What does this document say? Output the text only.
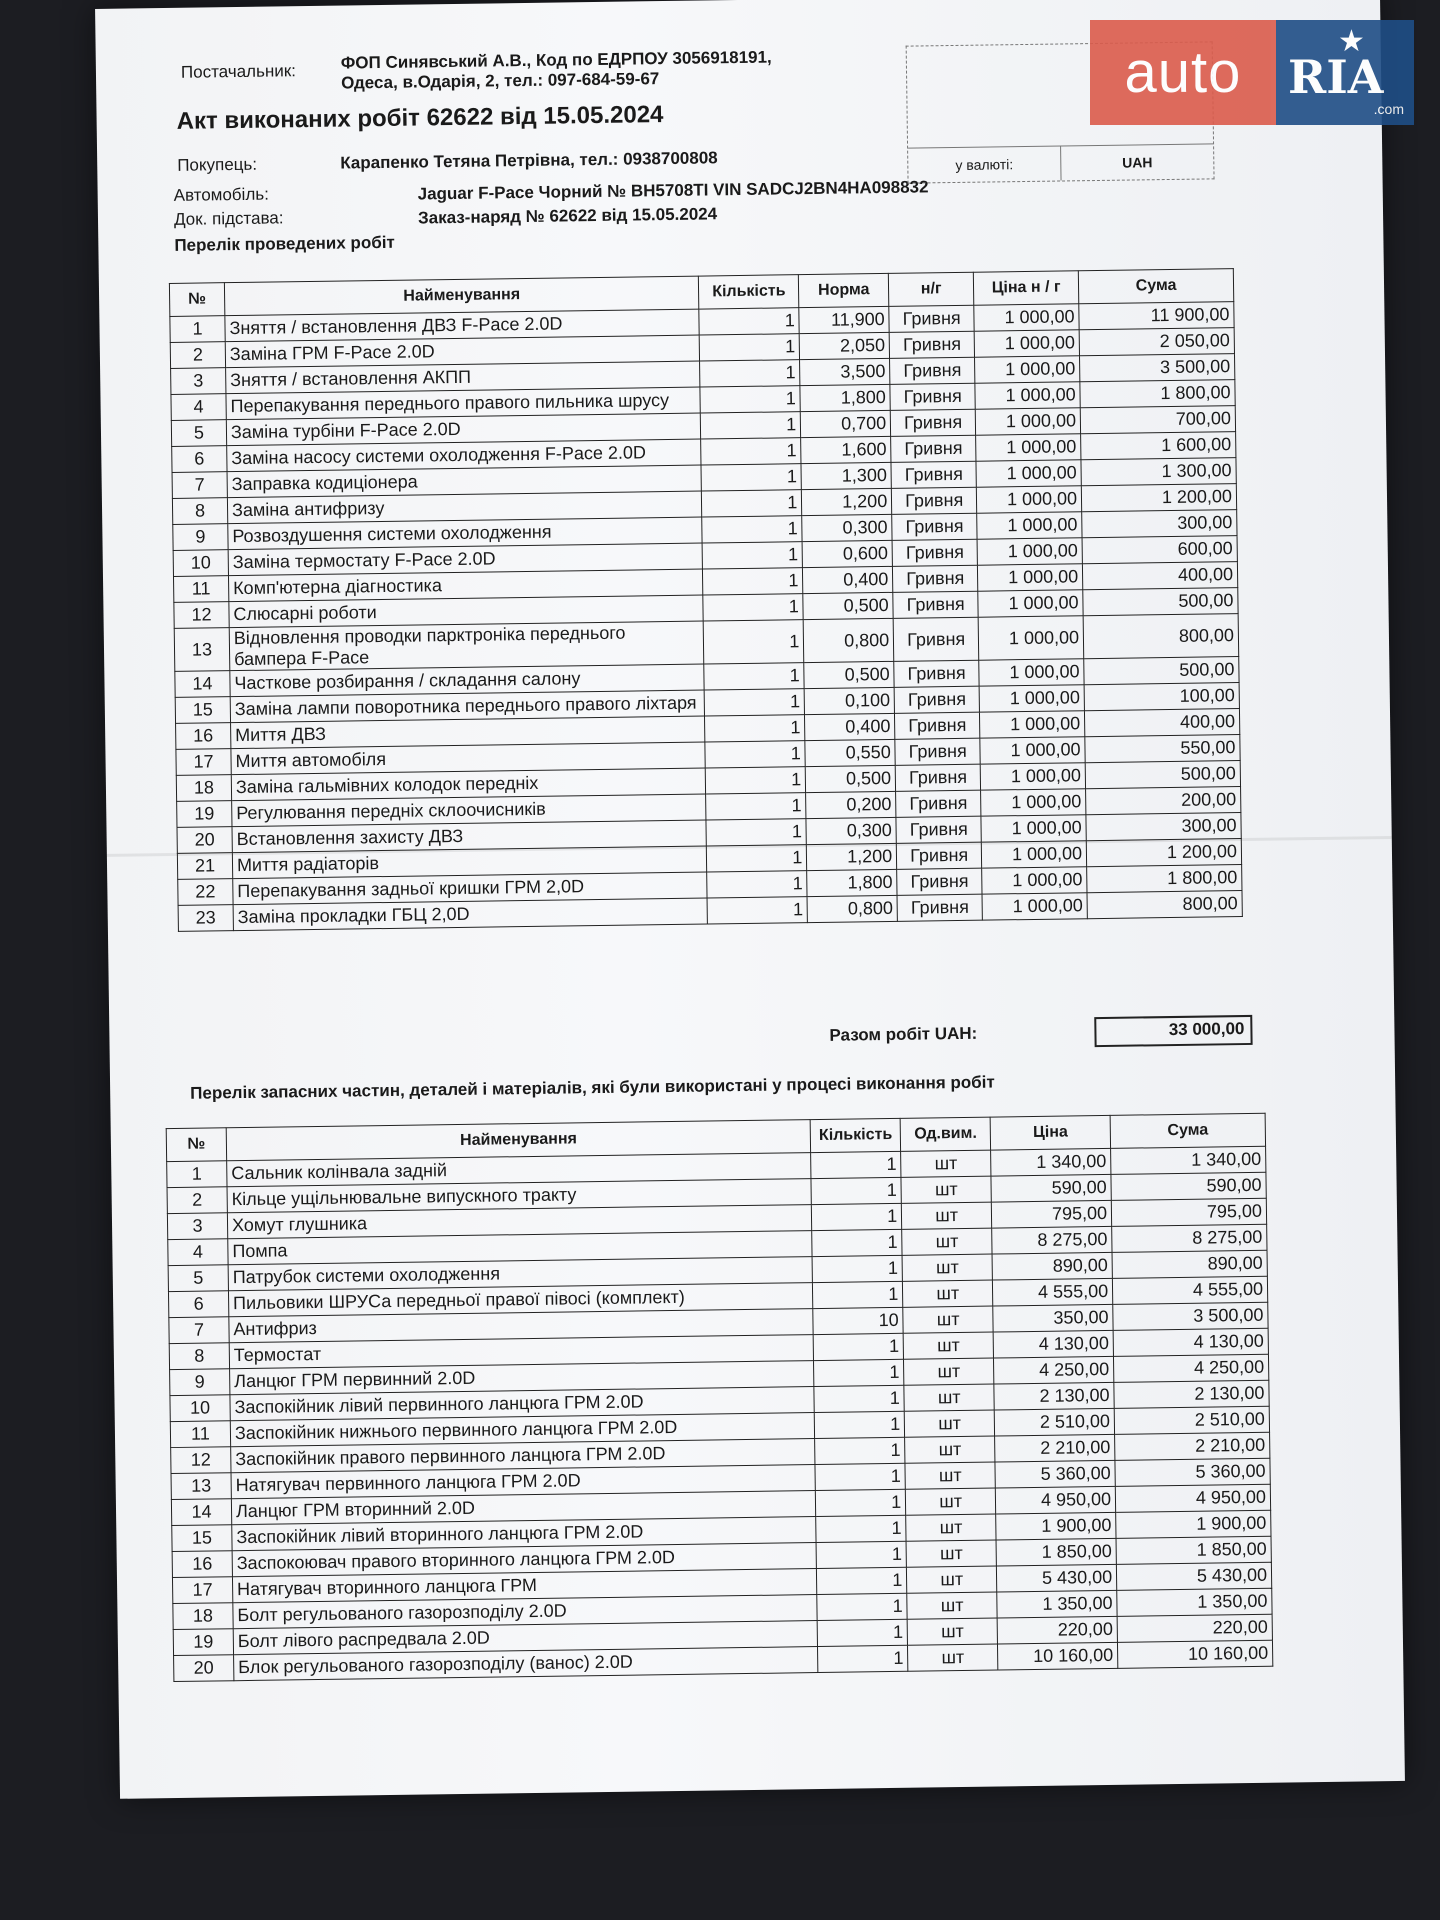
Постачальник:	ФОП Синявський А.В., Код по ЕДРПОУ 3056918191,
Одеса, в.Одарія, 2, тел.: 097-684-59-67
Акт виконаних робіт 62622 від 15.05.2024
Покупець:	Карапенко Тетяна Петрівна, тел.: 0938700808
Автомобіль:	Jaguar F-Pace Чорний № BH5708TI VIN SADCJ2BN4HA098832
Док. підстава:	Заказ-наряд № 62622 від 15.05.2024
Перелік проведених робіт
у валюті:	UAH
№	Найменування	Кількість	Норма	н/г	Ціна н / г	Сума
1	Зняття / встановлення ДВЗ F-Pace 2.0D	1	11,900	Гривня	1 000,00	11 900,00
2	Заміна ГРМ F-Pace 2.0D	1	2,050	Гривня	1 000,00	2 050,00
3	Зняття / встановлення АКПП	1	3,500	Гривня	1 000,00	3 500,00
4	Перепакування переднього правого пильника шрусу	1	1,800	Гривня	1 000,00	1 800,00
5	Заміна турбіни F-Pace 2.0D	1	0,700	Гривня	1 000,00	700,00
6	Заміна насосу системи охолодження F-Pace 2.0D	1	1,600	Гривня	1 000,00	1 600,00
7	Заправка кодиціонера	1	1,300	Гривня	1 000,00	1 300,00
8	Заміна антифризу	1	1,200	Гривня	1 000,00	1 200,00
9	Розвоздушення системи охолодження	1	0,300	Гривня	1 000,00	300,00
10	Заміна термостату F-Pace 2.0D	1	0,600	Гривня	1 000,00	600,00
11	Комп'ютерна діагностика	1	0,400	Гривня	1 000,00	400,00
12	Слюсарні роботи	1	0,500	Гривня	1 000,00	500,00
13	Відновлення проводки парктроніка переднього бампера F-Pace	1	0,800	Гривня	1 000,00	800,00
14	Часткове розбирання / складання салону	1	0,500	Гривня	1 000,00	500,00
15	Заміна лампи поворотника переднього правого ліхтаря	1	0,100	Гривня	1 000,00	100,00
16	Миття ДВЗ	1	0,400	Гривня	1 000,00	400,00
17	Миття автомобіля	1	0,550	Гривня	1 000,00	550,00
18	Заміна гальмівних колодок передніх	1	0,500	Гривня	1 000,00	500,00
19	Регулювання передніх склоочисників	1	0,200	Гривня	1 000,00	200,00
20	Встановлення захисту ДВЗ	1	0,300	Гривня	1 000,00	300,00
21	Миття радіаторів	1	1,200	Гривня	1 000,00	1 200,00
22	Перепакування задньої кришки ГРМ 2,0D	1	1,800	Гривня	1 000,00	1 800,00
23	Заміна прокладки ГБЦ 2,0D	1	0,800	Гривня	1 000,00	800,00
Разом робіт UAH:	33 000,00
Перелік запасних частин, деталей і матеріалів, які були використані у процесі виконання робіт
№	Найменування	Кількість	Од.вим.	Ціна	Сума
1	Сальник колінвала задній	1	шт	1 340,00	1 340,00
2	Кільце ущільнювальне випускного тракту	1	шт	590,00	590,00
3	Хомут глушника	1	шт	795,00	795,00
4	Помпа	1	шт	8 275,00	8 275,00
5	Патрубок системи охолодження	1	шт	890,00	890,00
6	Пильовики ШРУСа передньої правої півосі (комплект)	1	шт	4 555,00	4 555,00
7	Антифриз	10	шт	350,00	3 500,00
8	Термостат	1	шт	4 130,00	4 130,00
9	Ланцюг ГРМ первинний 2.0D	1	шт	4 250,00	4 250,00
10	Заспокійник лівий первинного ланцюга ГРМ 2.0D	1	шт	2 130,00	2 130,00
11	Заспокійник нижнього первинного ланцюга ГРМ 2.0D	1	шт	2 510,00	2 510,00
12	Заспокійник правого первинного ланцюга ГРМ 2.0D	1	шт	2 210,00	2 210,00
13	Натягувач первинного ланцюга ГРМ 2.0D	1	шт	5 360,00	5 360,00
14	Ланцюг ГРМ вторинний 2.0D	1	шт	4 950,00	4 950,00
15	Заспокійник лівий вторинного ланцюга ГРМ 2.0D	1	шт	1 900,00	1 900,00
16	Заспокоювач правого вторинного ланцюга ГРМ 2.0D	1	шт	1 850,00	1 850,00
17	Натягувач вторинного ланцюга ГРМ	1	шт	5 430,00	5 430,00
18	Болт регульованого газорозподілу 2.0D	1	шт	1 350,00	1 350,00
19	Болт лівого распредвала 2.0D	1	шт	220,00	220,00
20	Блок регульованого газорозподілу (ванос) 2.0D	1	шт	10 160,00	10 160,00
auto	★
RIA
.com
